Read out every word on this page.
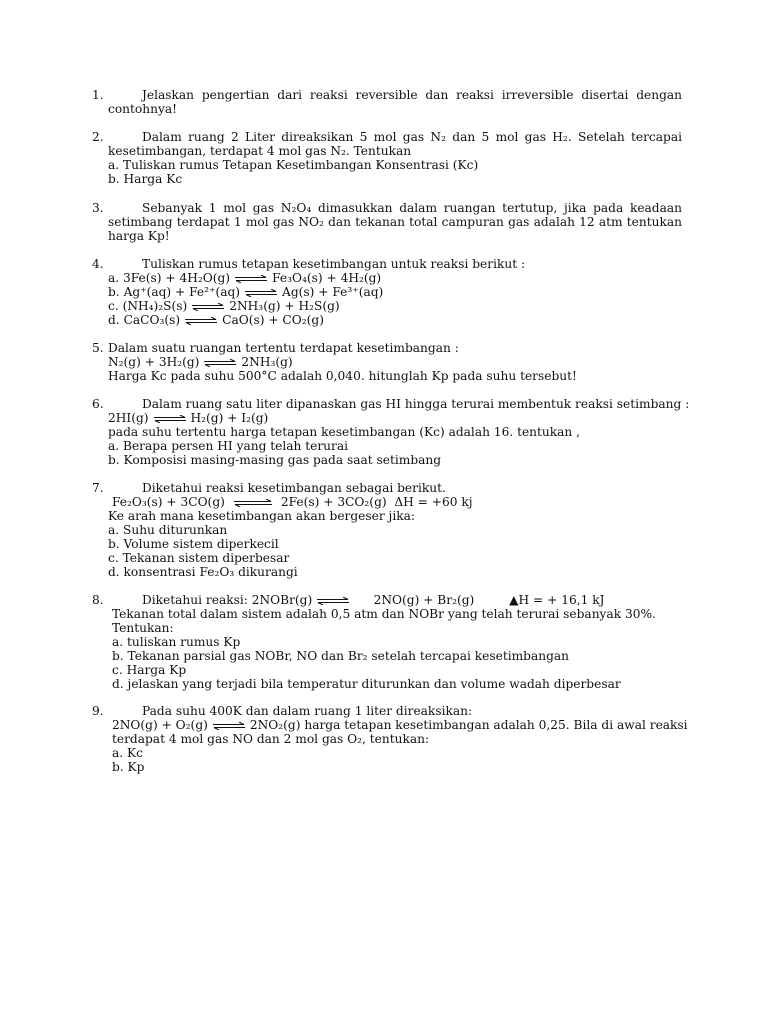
1.	Jelaskan pengertian dari reaksi reversible dan reaksi irreversible disertai dengan contohnya!

2.	Dalam ruang 2 Liter direaksikan 5 mol gas N₂ dan 5 mol gas H₂. Setelah tercapai kesetimbangan, terdapat 4 mol gas N₂. Tentukan

a. Tuliskan rumus Tetapan Kesetimbangan Konsentrasi (Kc)
b. Harga Kc
3.	Sebanyak 1 mol gas N₂O₄ dimasukkan dalam ruangan tertutup, jika pada keadaan setimbang terdapat 1 mol gas NO₂ dan tekanan total campuran gas adalah 12 atm tentukan harga Kp!

4.	Tuliskan rumus tetapan kesetimbangan untuk reaksi berikut :
a. 3Fe(s) + 4H₂O(g) ⇌ Fe₃O₄(s) + 4H₂(g)
b. Ag⁺(aq) + Fe²⁺(aq) ⇌ Ag(s) + Fe³⁺(aq)
c. (NH₄)₂S(s) ⇌ 2NH₃(g) + H₂S(g)
d. CaCO₃(s) ⇌ CaO(s) + CO₂(g)
5. Dalam suatu ruangan tertentu terdapat kesetimbangan :
N₂(g) + 3H₂(g) ⇌ 2NH₃(g)
Harga Kc pada suhu 500°C adalah 0,040. hitunglah Kp pada suhu tersebut!
6.	Dalam ruang satu liter dipanaskan gas HI hingga terurai membentuk reaksi setimbang :
2HI(g) ⇌ H₂(g) + I₂(g)
pada suhu tertentu harga tetapan kesetimbangan (Kc) adalah 16. tentukan ,
a. Berapa persen HI yang telah terurai
b. Komposisi masing-masing gas pada saat setimbang
7.	Diketahui reaksi kesetimbangan sebagai berikut.
Fe₂O₃(s) + 3CO(g) ⇌ 2Fe(s) + 3CO₂(g) ΔH = +60 kj
Ke arah mana kesetimbangan akan bergeser jika:
a. Suhu diturunkan
b. Volume sistem diperkecil
c. Tekanan sistem diperbesar
d. konsentrasi Fe₂O₃ dikurangi
8.	Diketahui reaksi: 2NOBr(g) ⇌ 2NO(g) + Br₂(g)	▲H = + 16,1 kJ
Tekanan total dalam sistem adalah 0,5 atm dan NOBr yang telah terurai sebanyak 30%.
Tentukan:
a. tuliskan rumus Kp
b. Tekanan parsial gas NOBr, NO dan Br₂ setelah tercapai kesetimbangan
c. Harga Kp
d. jelaskan yang terjadi bila temperatur diturunkan dan volume wadah diperbesar
9.	Pada suhu 400K dan dalam ruang 1 liter direaksikan:
2NO(g) + O₂(g) ⇌ 2NO₂(g) harga tetapan kesetimbangan adalah 0,25. Bila di awal reaksi
terdapat 4 mol gas NO dan 2 mol gas O₂, tentukan:
a. Kc
b. Kp
